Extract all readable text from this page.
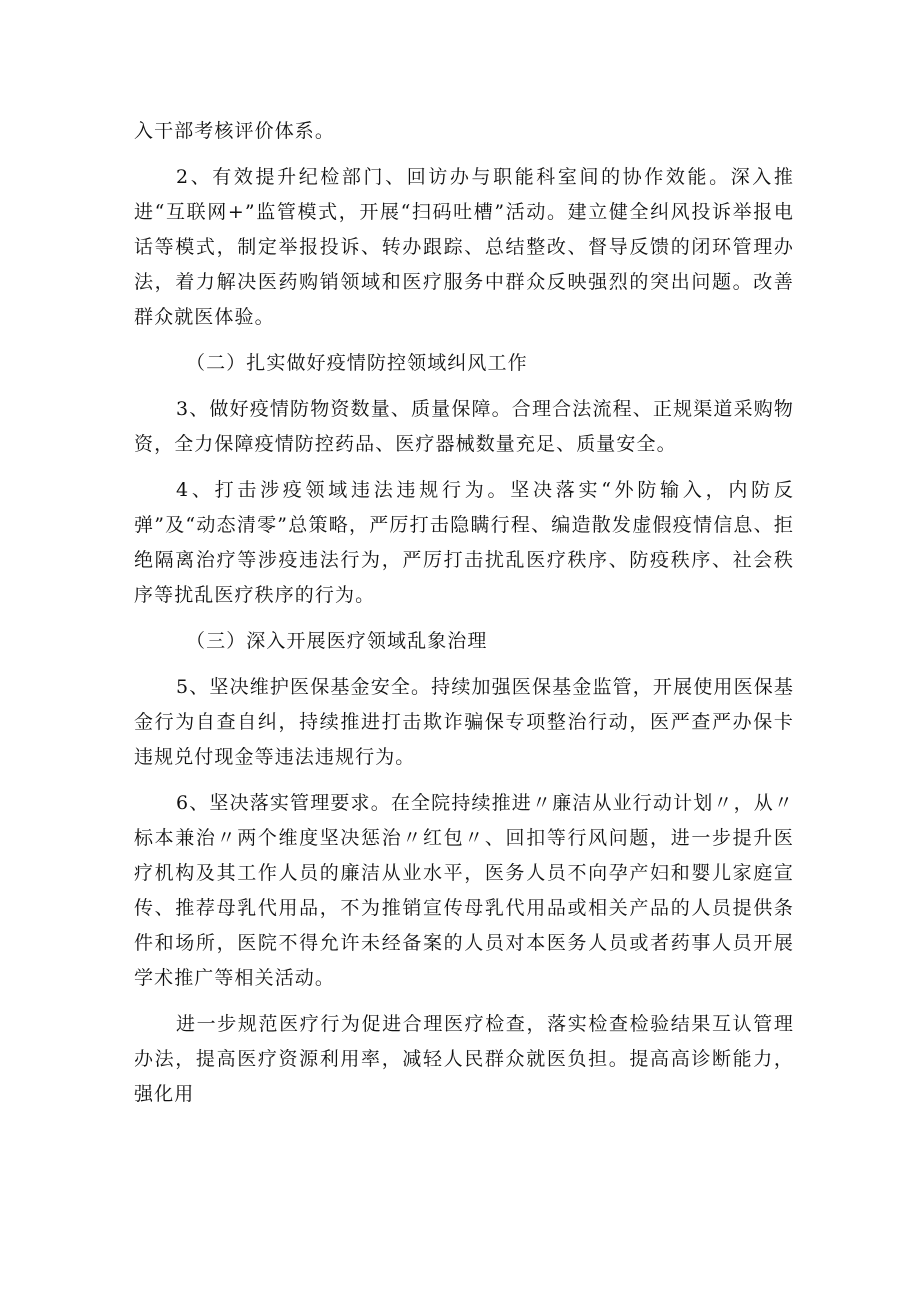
入干部考核评价体系。

2、有效提升纪检部门、回访办与职能科室间的协作效能。深入推进“互联网+”监管模式，开展“扫码吐槽”活动。建立健全纠风投诉举报电话等模式，制定举报投诉、转办跟踪、总结整改、督导反馈的闭环管理办法，着力解决医药购销领域和医疗服务中群众反映强烈的突出问题。改善群众就医体验。

（二）扎实做好疫情防控领域纠风工作

3、做好疫情防物资数量、质量保障。合理合法流程、正规渠道采购物资，全力保障疫情防控药品、医疗器械数量充足、质量安全。

4、打击涉疫领域违法违规行为。坚决落实“外防输入，内防反弹”及“动态清零”总策略，严厉打击隐瞒行程、编造散发虚假疫情信息、拒绝隔离治疗等涉疫违法行为，严厉打击扰乱医疗秩序、防疫秩序、社会秩序等扰乱医疗秩序的行为。

（三）深入开展医疗领域乱象治理

5、坚决维护医保基金安全。持续加强医保基金监管，开展使用医保基金行为自查自纠，持续推进打击欺诈骗保专项整治行动，医严查严办保卡违规兑付现金等违法违规行为。

6、坚决落实管理要求。在全院持续推进〃廉洁从业行动计划〃，从〃标本兼治〃两个维度坚决惩治〃红包〃、回扣等行风问题，进一步提升医疗机构及其工作人员的廉洁从业水平，医务人员不向孕产妇和婴儿家庭宣传、推荐母乳代用品，不为推销宣传母乳代用品或相关产品的人员提供条件和场所，医院不得允许未经备案的人员对本医务人员或者药事人员开展学术推广等相关活动。

进一步规范医疗行为促进合理医疗检查，落实检查检验结果互认管理办法，提高医疗资源利用率，减轻人民群众就医负担。提高高诊断能力，强化用
